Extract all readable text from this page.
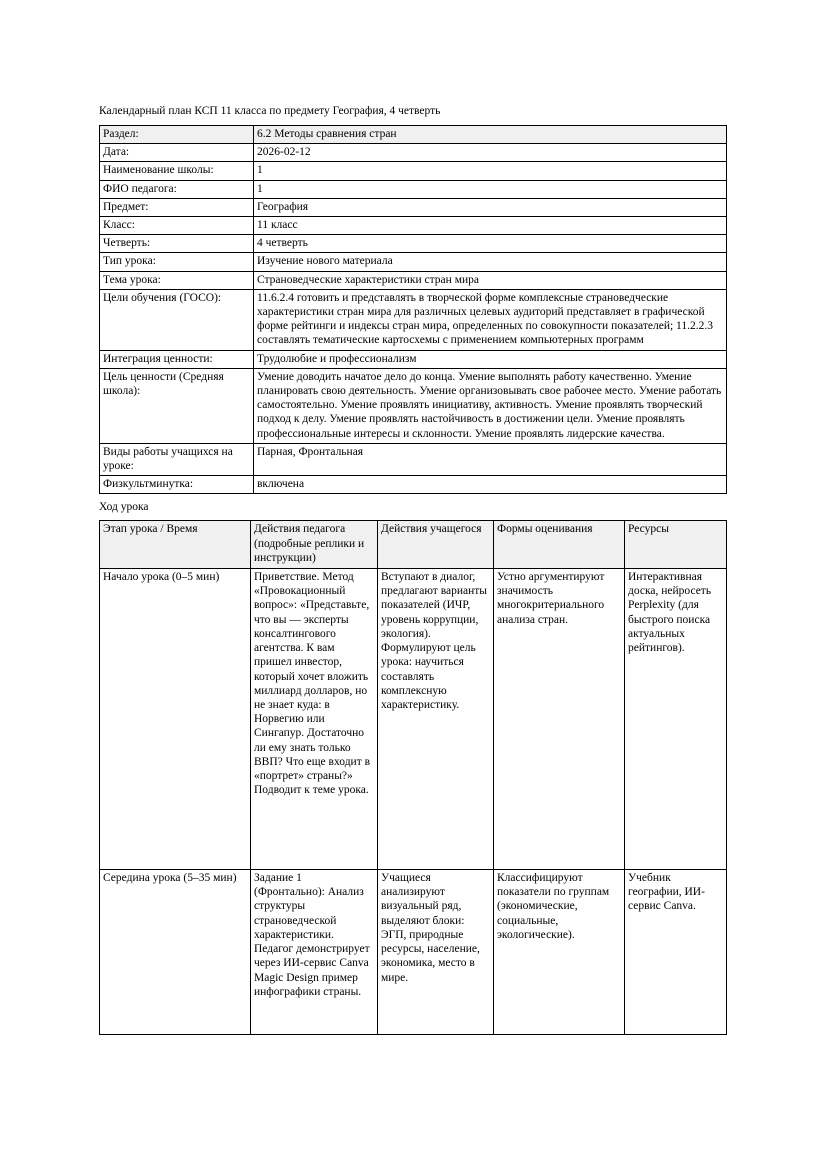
Календарный план КСП 11 класса по предмету География, 4 четверть
Раздел:	6.2 Методы сравнения стран
Дата:	2026-02-12
Наименование школы:	1
ФИО педагога:	1
Предмет:	География
Класс:	11 класс
Четверть:	4 четверть
Тип урока:	Изучение нового материала
Тема урока:	Страноведческие характеристики стран мира
Цели обучения (ГОСО):	11.6.2.4 готовить и представлять в творческой форме комплексные страноведческие характеристики стран мира для различных целевых аудиторий представляет в графической форме рейтинги и индексы стран мира, определенных по совокупности показателей; 11.2.2.3 составлять тематические картосхемы с применением компьютерных программ
Интеграция ценности:	Трудолюбие и профессионализм
Цель ценности (Средняя школа):	Умение доводить начатое дело до конца. Умение выполнять работу качественно. Умение планировать свою деятельность. Умение организовывать свое рабочее место. Умение работать самостоятельно. Умение проявлять инициативу, активность. Умение проявлять творческий подход к делу. Умение проявлять настойчивость в достижении цели. Умение проявлять профессиональные интересы и склонности. Умение проявлять лидерские качества.
Виды работы учащихся на уроке:	Парная, Фронтальная
Физкультминутка:	включена
Ход урока
Этап урока / Время	Действия педагога (подробные реплики и инструкции)	Действия учащегося	Формы оценивания	Ресурсы
Начало урока (0–5 мин)	Приветствие. Метод «Провокационный вопрос»: «Представьте, что вы — эксперты консалтингового агентства. К вам пришел инвестор, который хочет вложить миллиард долларов, но не знает куда: в Норвегию или Сингапур. Достаточно ли ему знать только ВВП? Что еще входит в «портрет» страны?» Подводит к теме урока.	Вступают в диалог, предлагают варианты показателей (ИЧР, уровень коррупции, экология). Формулируют цель урока: научиться составлять комплексную характеристику.	Устно аргументируют значимость многокритериального анализа стран.	Интерактивная доска, нейросеть Perplexity (для быстрого поиска актуальных рейтингов).
Середина урока (5–35 мин)	Задание 1 (Фронтально): Анализ структуры страноведческой характеристики. Педагог демонстрирует через ИИ-сервис Canva Magic Design пример инфографики страны.	Учащиеся анализируют визуальный ряд, выделяют блоки: ЭГП, природные ресурсы, население, экономика, место в мире.	Классифицируют показатели по группам (экономические, социальные, экологические).	Учебник географии, ИИ-сервис Canva.
